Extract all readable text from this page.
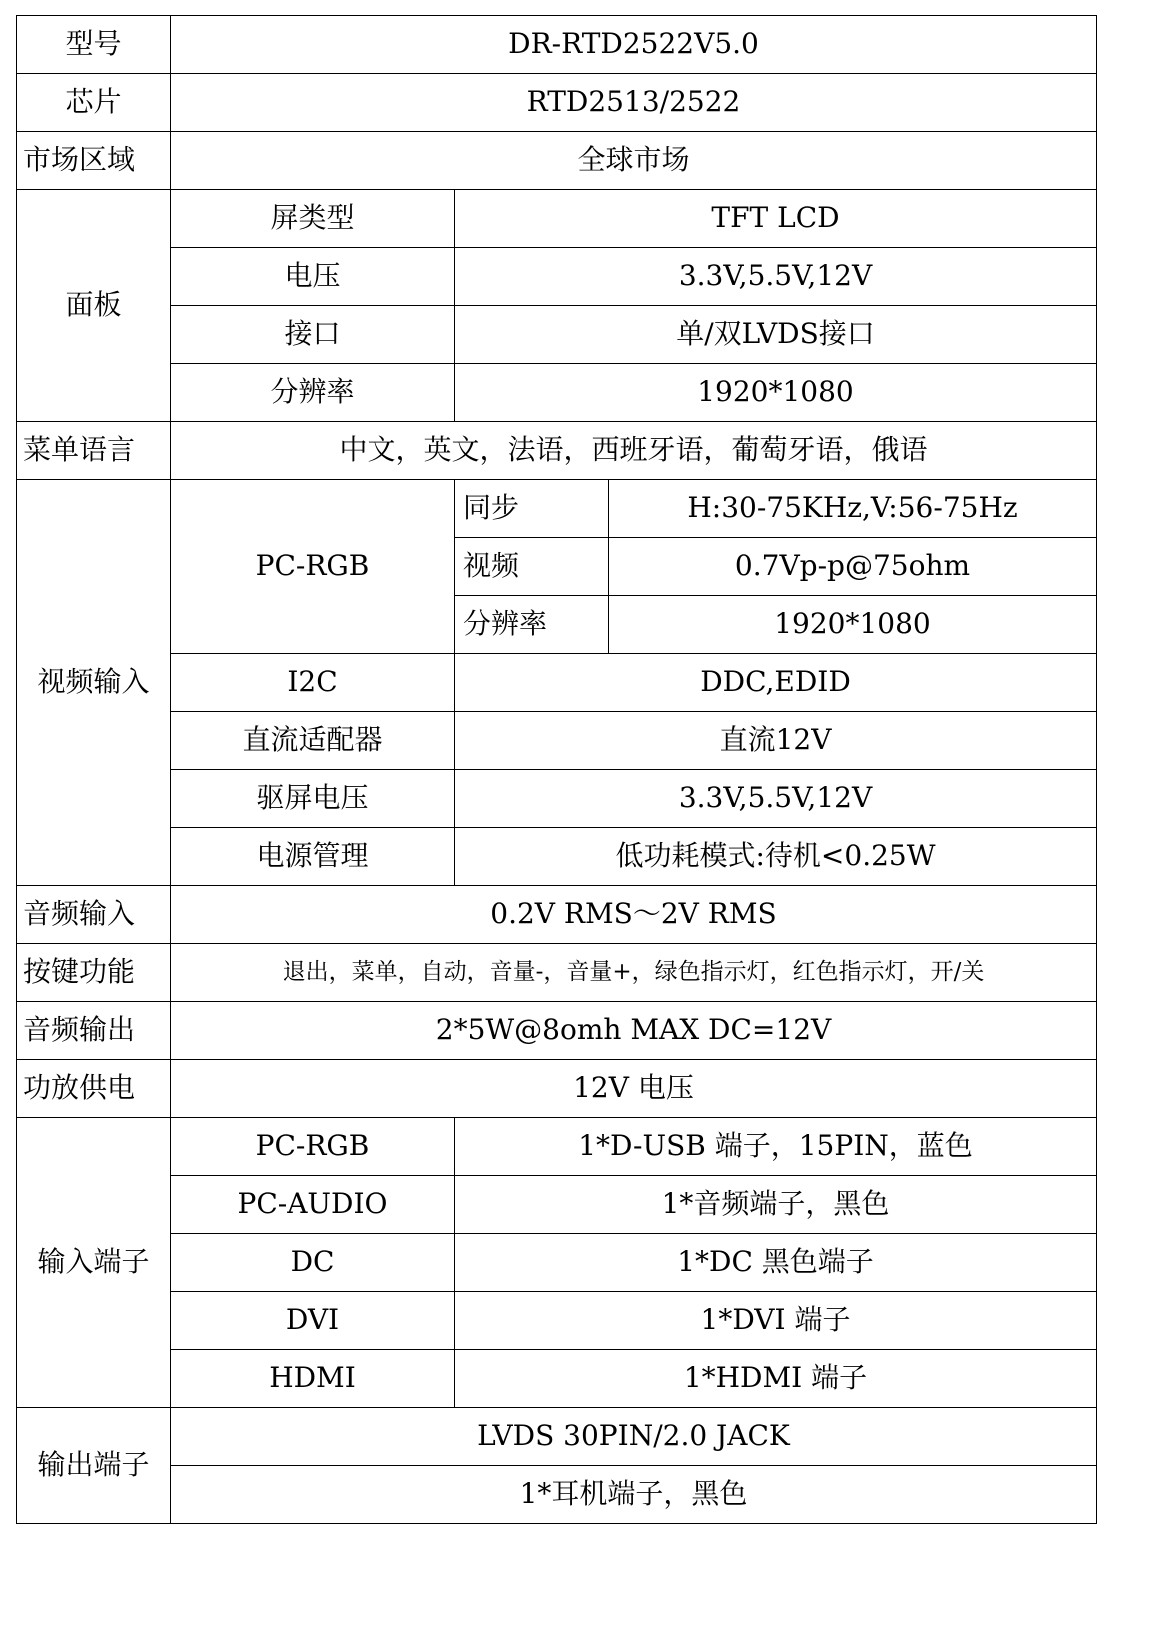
型号	DR-RTD2522V5.0		
芯片	RTD2513/2522		
市场区域	全球市场		
面板	屏类型	TFT LCD	
	电压	3.3V,5.5V,12V	
	接口	单/双LVDS接口	
	分辨率	1920*1080	
菜单语言	中文，英文，法语，西班牙语，葡萄牙语，俄语		
视频输入	PC-RGB	同步	H:30-75KHz,V:56-75Hz
		视频	0.7Vp-p@75ohm
		分辨率	1920*1080
	I2C	DDC,EDID	
	直流适配器	直流12V	
	驱屏电压	3.3V,5.5V,12V	
	电源管理	低功耗模式:待机<0.25W	
音频输入	0.2V RMS～2V RMS		
按键功能	退出，菜单，自动，音量-，音量+，绿色指示灯，红色指示灯，开/关		
音频输出	2*5W@8omh MAX DC=12V		
功放供电	12V 电压		
输入端子	PC-RGB	1*D-USB 端子，15PIN，蓝色	
	PC-AUDIO	1*音频端子，黑色	
	DC	1*DC 黑色端子	
	DVI	1*DVI 端子	
	HDMI	1*HDMI 端子	
输出端子	LVDS 30PIN/2.0 JACK		
	1*耳机端子，黑色		
